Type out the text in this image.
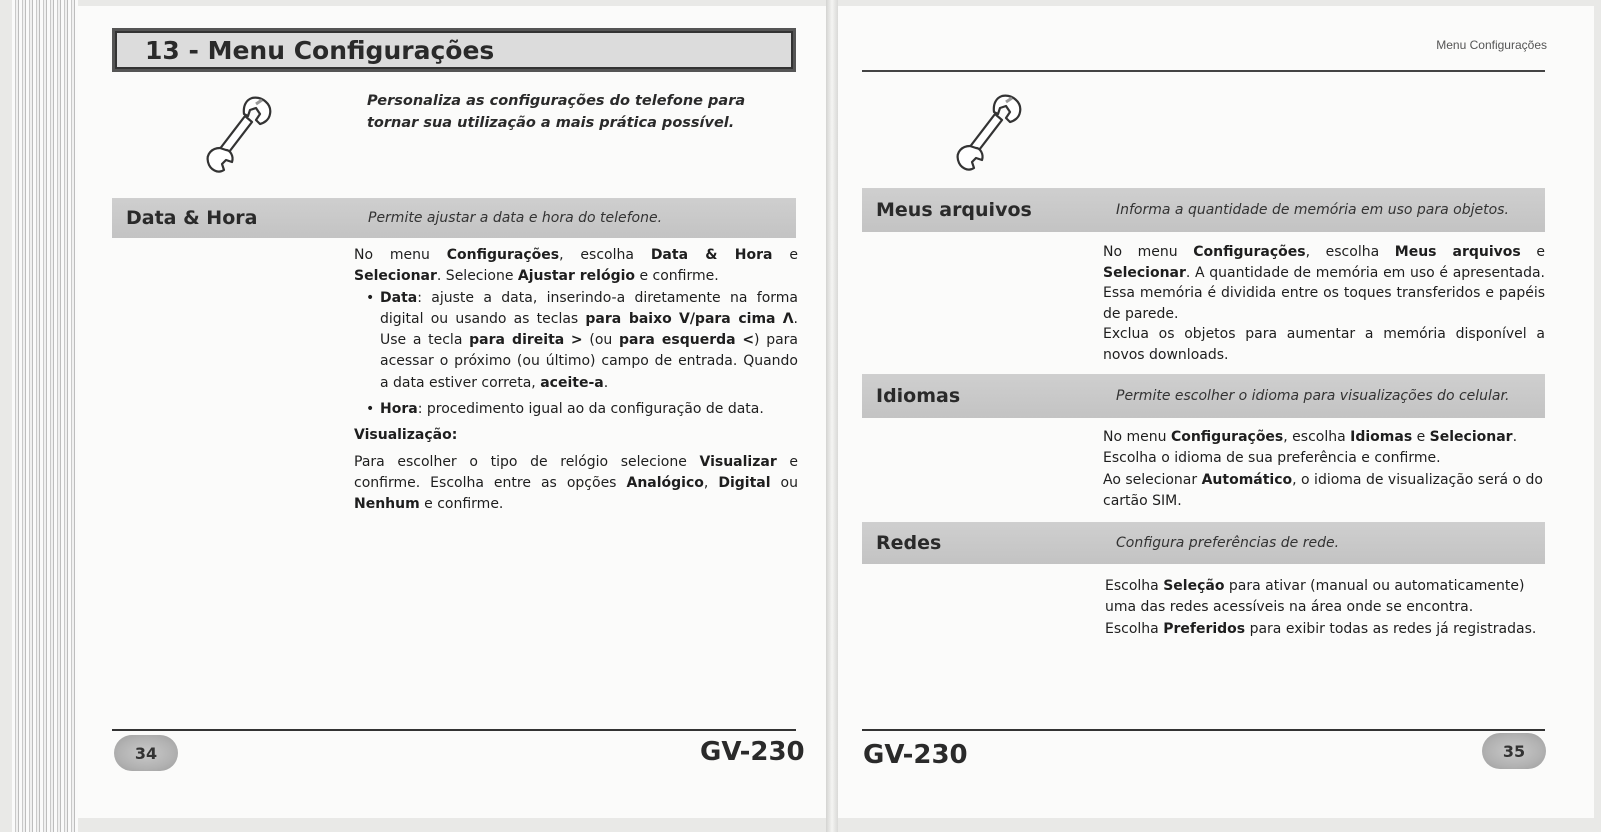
13 - Menu Configurações
Personaliza as configurações do telefone para tornar sua utilização a mais prática possível.
Data & Hora	Permite ajustar a data e hora do telefone.

No menu Configurações, escolha Data & Hora e Selecionar. Selecione Ajustar relógio e confirme.

• Data: ajuste a data, inserindo-a diretamente na forma digital ou usando as teclas para baixo V/para cima Λ. Use a tecla para direita > (ou para esquerda <) para acessar o próximo (ou último) campo de entrada. Quando a data estiver correta, aceite-a.

• Hora: procedimento igual ao da configuração de data.

Visualização:

Para escolher o tipo de relógio selecione Visualizar e confirme. Escolha entre as opções Analógico, Digital ou Nenhum e confirme.

34	GV-230
Menu Configurações
Meus arquivos	Informa a quantidade de memória em uso para objetos.

No menu Configurações, escolha Meus arquivos e Selecionar. A quantidade de memória em uso é apresentada. Essa memória é dividida entre os toques transferidos e papéis de parede.

Exclua os objetos para aumentar a memória disponível a novos downloads.

Idiomas	Permite escolher o idioma para visualizações do celular.

No menu Configurações, escolha Idiomas e Selecionar.

Escolha o idioma de sua preferência e confirme.

Ao selecionar Automático, o idioma de visualização será o do cartão SIM.

Redes	Configura preferências de rede.

Escolha Seleção para ativar (manual ou automaticamente) uma das redes acessíveis na área onde se encontra.

Escolha Preferidos para exibir todas as redes já registradas.

GV-230	35
